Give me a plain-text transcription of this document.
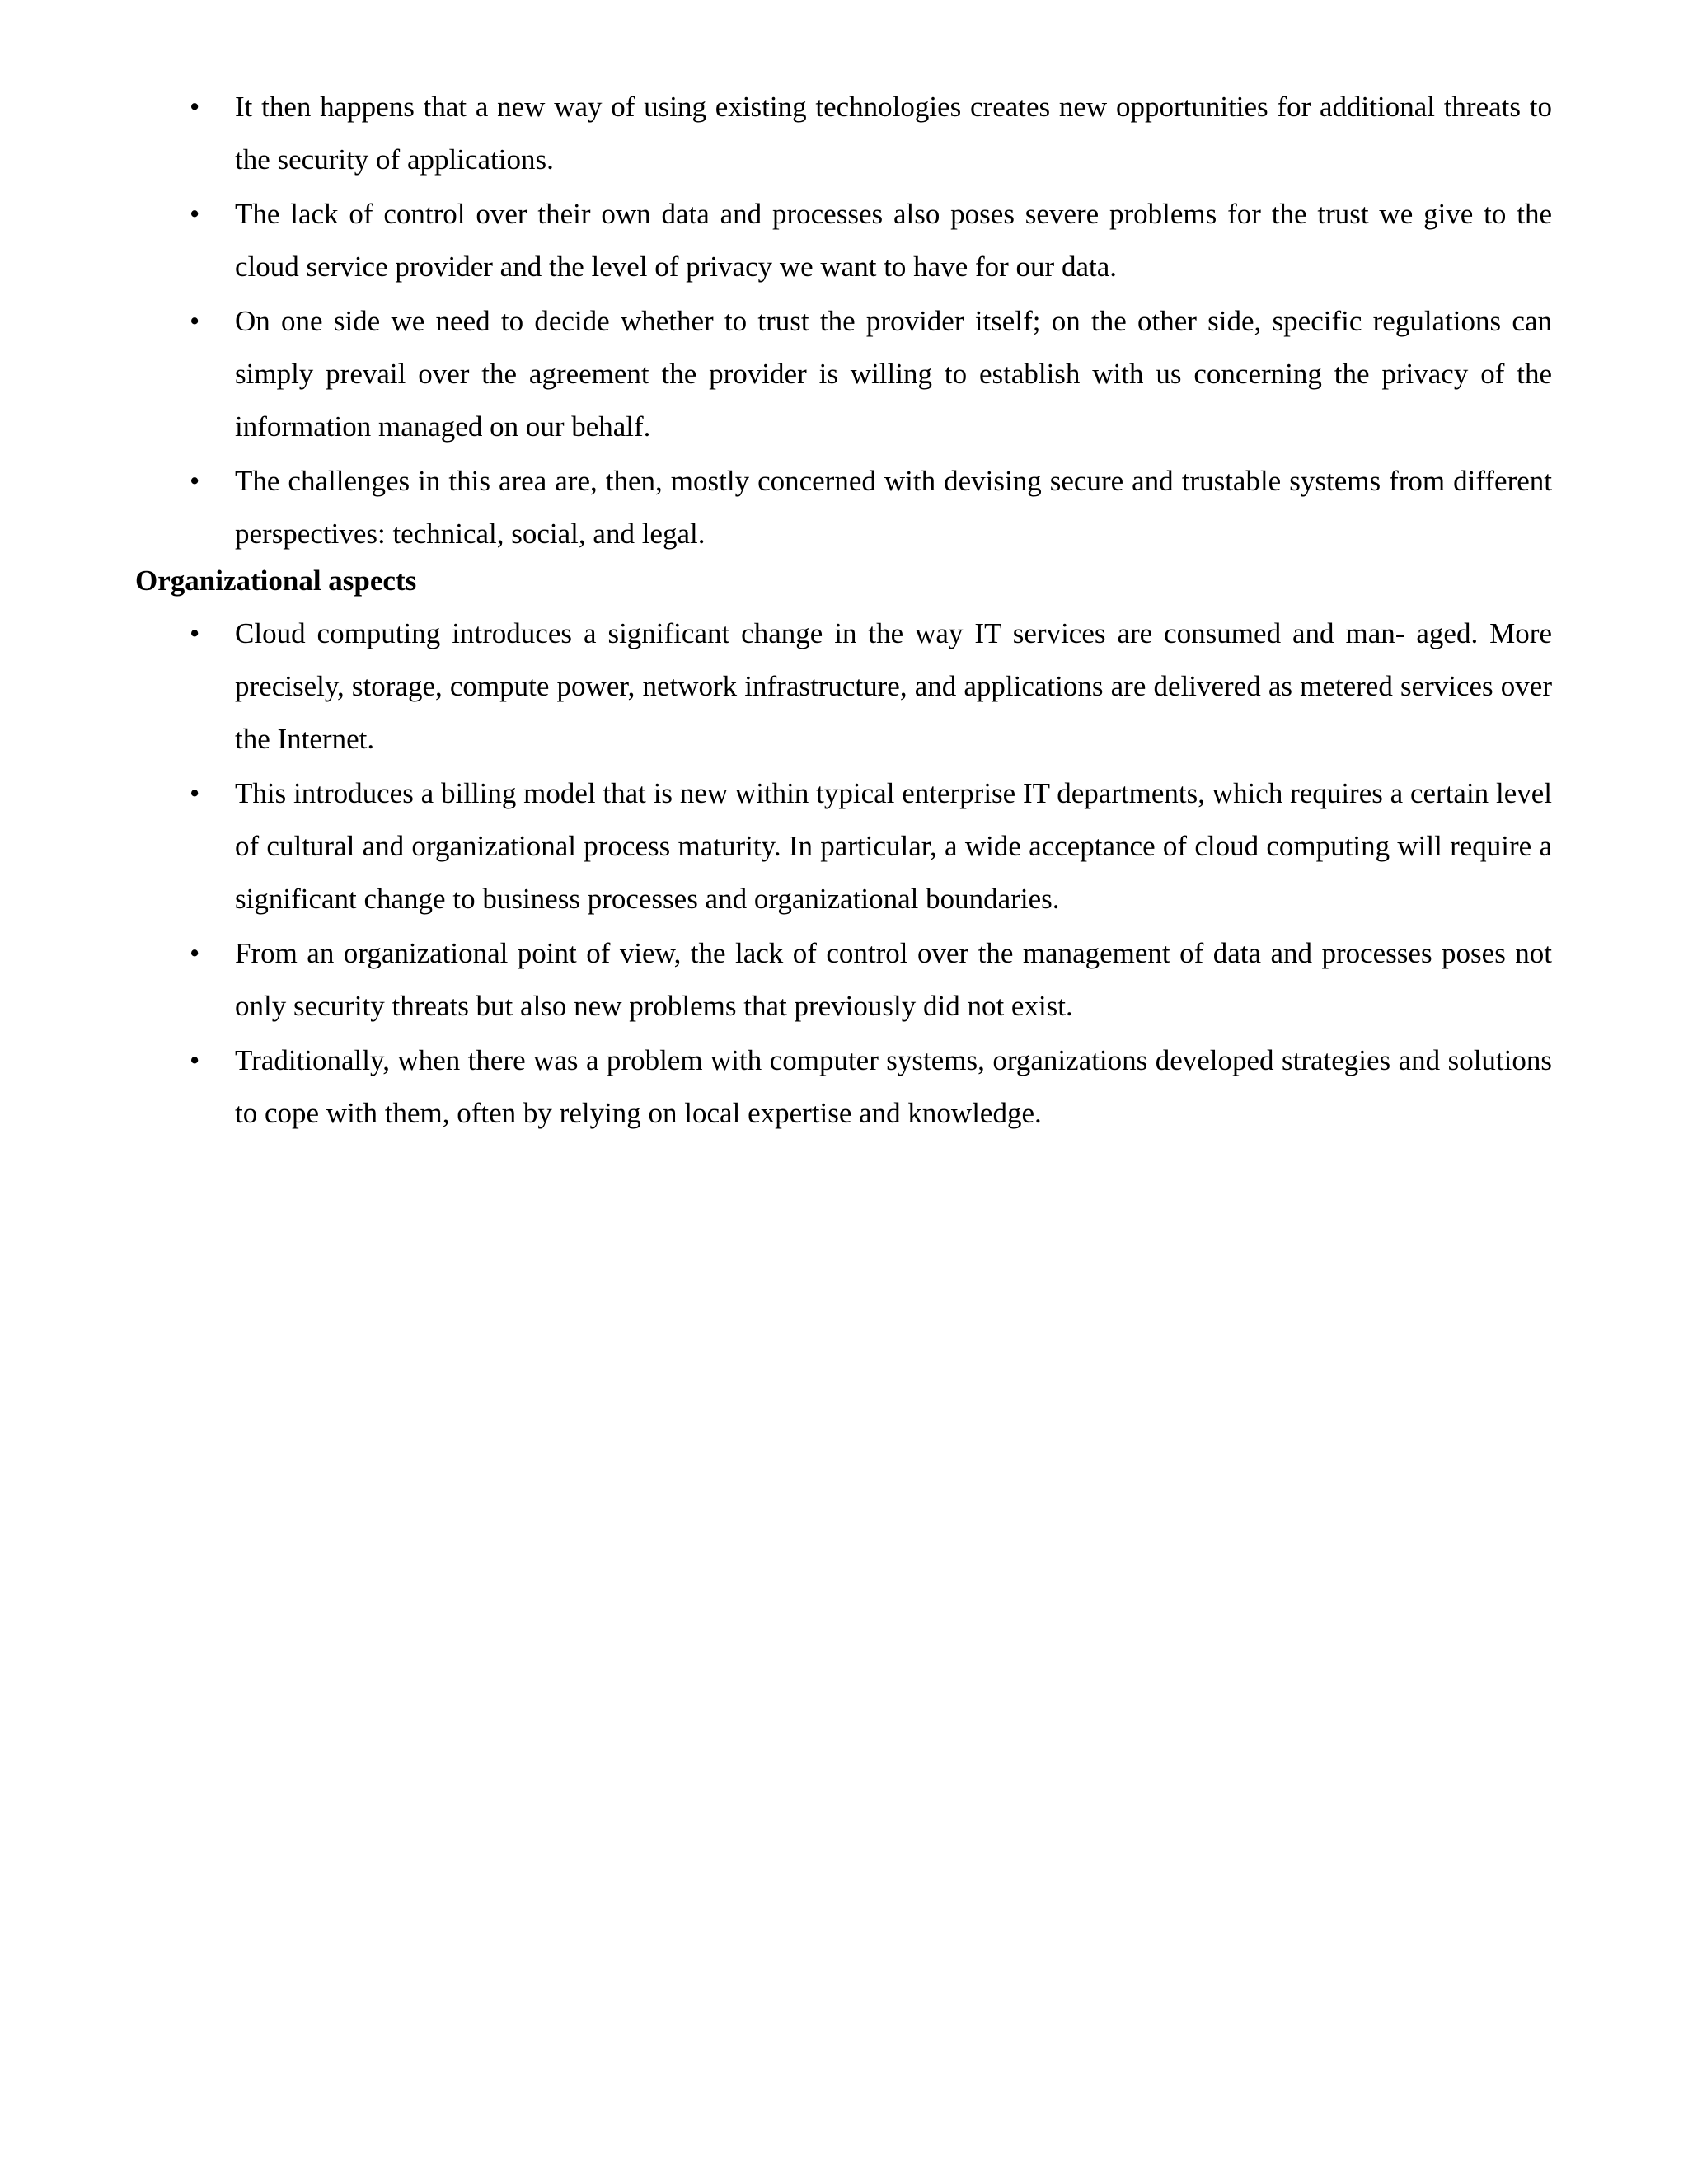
• It then happens that a new way of using existing technologies creates new opportunities for additional threats to the security of applications.
• The lack of control over their own data and processes also poses severe problems for the trust we give to the cloud service provider and the level of privacy we want to have for our data.
• On one side we need to decide whether to trust the provider itself; on the other side, specific regulations can simply prevail over the agreement the provider is willing to establish with us concerning the privacy of the information managed on our behalf.
• The challenges in this area are, then, mostly concerned with devising secure and trustable systems from different perspectives: technical, social, and legal.
Organizational aspects
• Cloud computing introduces a significant change in the way IT services are consumed and man- aged. More precisely, storage, compute power, network infrastructure, and applications are delivered as metered services over the Internet.
• This introduces a billing model that is new within typical enterprise IT departments, which requires a certain level of cultural and organizational process maturity. In particular, a wide acceptance of cloud computing will require a significant change to business processes and organizational boundaries.
• From an organizational point of view, the lack of control over the management of data and processes poses not only security threats but also new problems that previously did not exist.
• Traditionally, when there was a problem with computer systems, organizations developed strategies and solutions to cope with them, often by relying on local expertise and knowledge.
